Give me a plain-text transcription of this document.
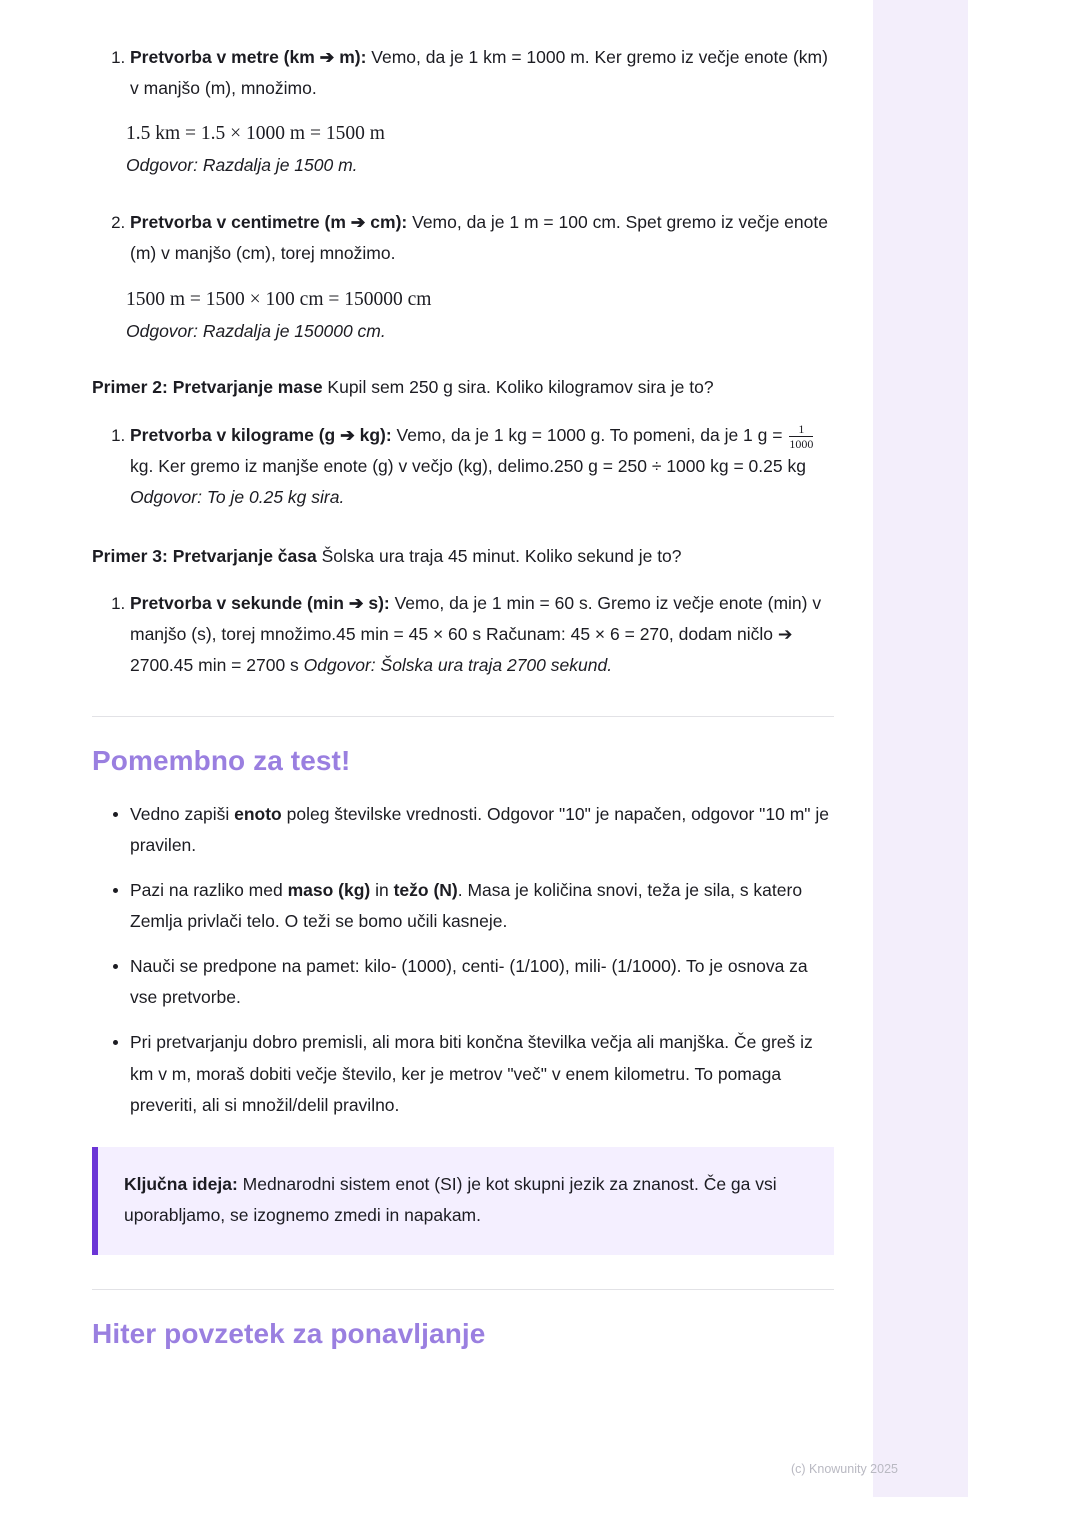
1. Pretvorba v metre (km ➔ m): Vemo, da je 1 km = 1000 m. Ker gremo iz večje enote (km) v manjšo (m), množimo.
1.5 km = 1.5 × 1000 m = 1500 m
Odgovor: Razdalja je 1500 m.
2. Pretvorba v centimetre (m ➔ cm): Vemo, da je 1 m = 100 cm. Spet gremo iz večje enote (m) v manjšo (cm), torej množimo.
1500 m = 1500 × 100 cm = 150000 cm
Odgovor: Razdalja je 150000 cm.

Primer 2: Pretvarjanje mase Kupil sem 250 g sira. Koliko kilogramov sira je to?

1. Pretvorba v kilograme (g ➔ kg): Vemo, da je 1 kg = 1000 g. To pomeni, da je 1 $g = \frac{1}{1000}$
kg. Ker gremo iz manjše enote (g) v večjo (kg), delimo.250 g = 250 ÷ 1000 kg = 0.25 kg Odgovor: To je 0.25 kg sira.

Primer 3: Pretvarjanje časa Šolska ura traja 45 minut. Koliko sekund je to?

1. Pretvorba v sekunde (min ➔ s): Vemo, da je 1 min = 60 s. Gremo iz večje enote (min) v manjšo (s), torej množimo.45 min = 45 × 60 s Računam: 45 × 6 = 270, dodam ničlo ➔ 2700.45 min = 2700 s Odgovor: Šolska ura traja 2700 sekund.
Pomembno za test!
• Vedno zapiši enoto poleg številske vrednosti. Odgovor "10" je napačen, odgovor "10 m" je pravilen.
• Pazi na razliko med maso (kg) in težo (N). Masa je količina snovi, teža je sila, s katero Zemlja privlači telo. O teži se bomo učili kasneje.
• Nauči se predpone na pamet: kilo- (1000), centi- (1/100), mili- (1/1000). To je osnova za vse pretvorbe.
• Pri pretvarjanju dobro premisli, ali mora biti končna številka večja ali manjška. Če greš iz km v m, moraš dobiti večje število, ker je metrov "več" v enem kilometru. To pomaga preveriti, ali si množil/delil pravilno.

Ključna ideja: Mednarodni sistem enot (SI) je kot skupni jezik za znanost. Če ga vsi uporabljamo, se izognemo zmedi in napakam.

Hiter povzetek za ponavljanje
(c) Knowunity 2025
